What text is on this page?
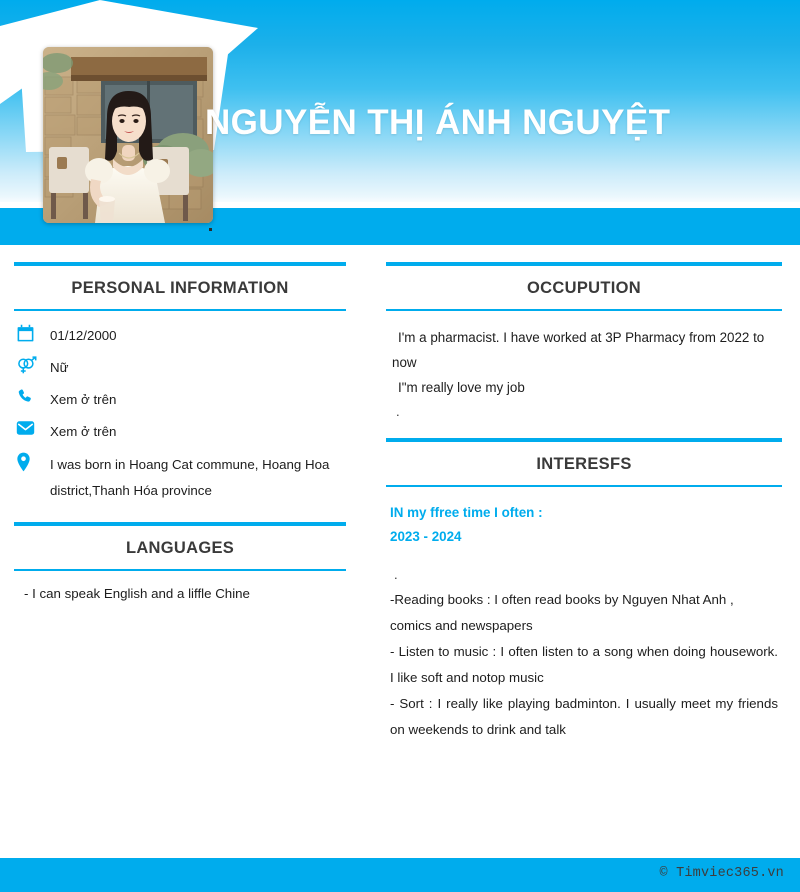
NGUYỄN THỊ ÁNH NGUYỆT
PERSONAL INFORMATION
01/12/2000
Nữ
Xem ở trên
Xem ở trên
I was born in Hoang Cat commune, Hoang Hoa district,Thanh Hóa province
LANGUAGES
- I can speak English and a liffle Chine
OCCUPUTION
I'm a pharmacist. I have worked at 3P Pharmacy from 2022 to now
I"m really love my job
.
INTERESFS
IN my ffree time I often :
2023 - 2024
.
-Reading books : I often read books by Nguyen Nhat Anh , comics and newspapers
- Listen to music : I often listen to a song when doing housework. I like soft and notop music
- Sort : I really like playing badminton. I usually meet my friends on weekends to drink and talk
© Timviec365.vn
